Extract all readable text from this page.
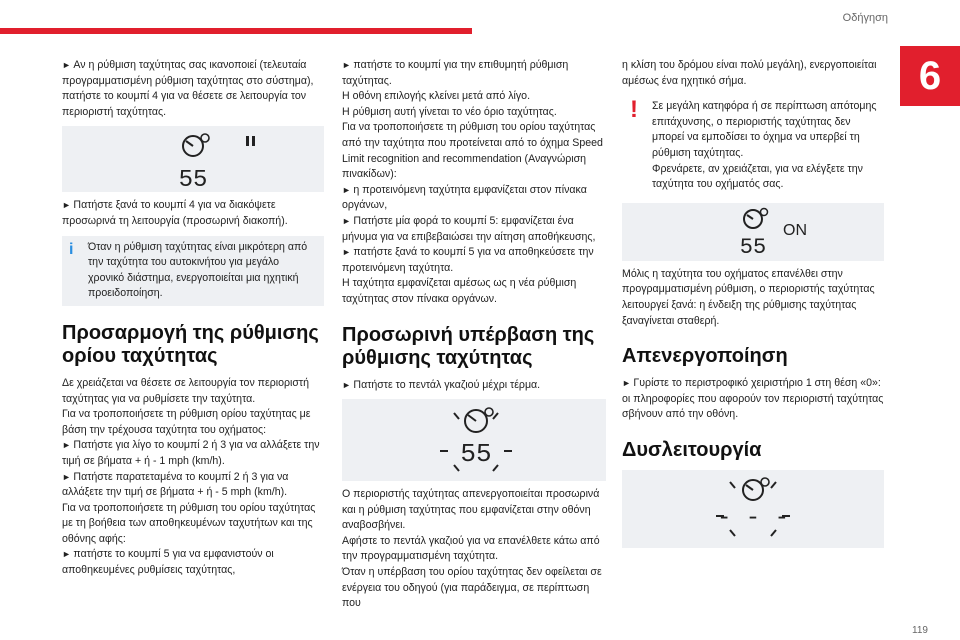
Οδήγηση
6

► Αν η ρύθμιση ταχύτητας σας ικανοποιεί (τελευταία προγραμματισμένη ρύθμιση ταχύτητας στο σύστημα), πατήστε το κουμπί 4 για να θέσετε σε λειτουργία τον περιοριστή ταχύτητας.

55

► Πατήστε ξανά το κουμπί 4 για να διακόψετε προσωρινά τη λειτουργία (προσωρινή διακοπή).

i Όταν η ρύθμιση ταχύτητας είναι μικρότερη από την ταχύτητα του αυτοκινήτου για μεγάλο χρονικό διάστημα, ενεργοποιείται μια ηχητική προειδοποίηση.
Προσαρμογή της ρύθμισης ορίου ταχύτητας

Δε χρειάζεται να θέσετε σε λειτουργία τον περιοριστή ταχύτητας για να ρυθμίσετε την ταχύτητα.

Για να τροποποιήσετε τη ρύθμιση ορίου ταχύτητας με βάση την τρέχουσα ταχύτητα του οχήματος:

► Πατήστε για λίγο το κουμπί 2 ή 3 για να αλλάξετε την τιμή σε βήματα + ή - 1 mph (km/h).

► Πατήστε παρατεταμένα το κουμπί 2 ή 3 για να αλλάξετε την τιμή σε βήματα + ή - 5 mph (km/h).

Για να τροποποιήσετε τη ρύθμιση του ορίου ταχύτητας με τη βοήθεια των αποθηκευμένων ταχυτήτων και της οθόνης αφής:

► πατήστε το κουμπί 5 για να εμφανιστούν οι αποθηκευμένες ρυθμίσεις ταχύτητας,

► πατήστε το κουμπί για την επιθυμητή ρύθμιση ταχύτητας.

Η οθόνη επιλογής κλείνει μετά από λίγο.

Η ρύθμιση αυτή γίνεται το νέο όριο ταχύτητας.

Για να τροποποιήσετε τη ρύθμιση του ορίου ταχύτητας από την ταχύτητα που προτείνεται από το όχημα Speed Limit recognition and recommendation (Αναγνώριση πινακίδων):

► η προτεινόμενη ταχύτητα εμφανίζεται στον πίνακα οργάνων,

► Πατήστε μία φορά το κουμπί 5: εμφανίζεται ένα μήνυμα για να επιβεβαιώσει την αίτηση αποθήκευσης,

► πατήστε ξανά το κουμπί 5 για να αποθηκεύσετε την προτεινόμενη ταχύτητα.

Η ταχύτητα εμφανίζεται αμέσως ως η νέα ρύθμιση ταχύτητας στον πίνακα οργάνων.

Προσωρινή υπέρβαση της ρύθμισης ταχύτητας

► Πατήστε το πεντάλ γκαζιού μέχρι τέρμα.

55

Ο περιοριστής ταχύτητας απενεργοποιείται προσωρινά και η ρύθμιση ταχύτητας που εμφανίζεται στην οθόνη αναβοσβήνει.

Αφήστε το πεντάλ γκαζιού για να επανέλθετε κάτω από την προγραμματισμένη ταχύτητα.

Όταν η υπέρβαση του ορίου ταχύτητας δεν οφείλεται σε ενέργεια του οδηγού (για παράδειγμα, σε περίπτωση που

η κλίση του δρόμου είναι πολύ μεγάλη), ενεργοποιείται αμέσως ένα ηχητικό σήμα.

! Σε μεγάλη κατηφόρα ή σε περίπτωση απότομης επιτάχυνσης, ο περιοριστής ταχύτητας δεν μπορεί να εμποδίσει το όχημα να υπερβεί τη ρύθμιση ταχύτητας.

Φρενάρετε, αν χρειάζεται, για να ελέγξετε την ταχύτητα του οχήματός σας.

55
ON

Μόλις η ταχύτητα του οχήματος επανέλθει στην προγραμματισμένη ρύθμιση, ο περιοριστής ταχύτητας λειτουργεί ξανά: η ένδειξη της ρύθμισης ταχύτητας ξαναγίνεται σταθερή.

Απενεργοποίηση

► Γυρίστε το περιστροφικό χειριστήριο 1 στη θέση «0»: οι πληροφορίες που αφορούν τον περιοριστή ταχύτητας σβήνουν από την οθόνη.

Δυσλειτουργία
- - -
119
